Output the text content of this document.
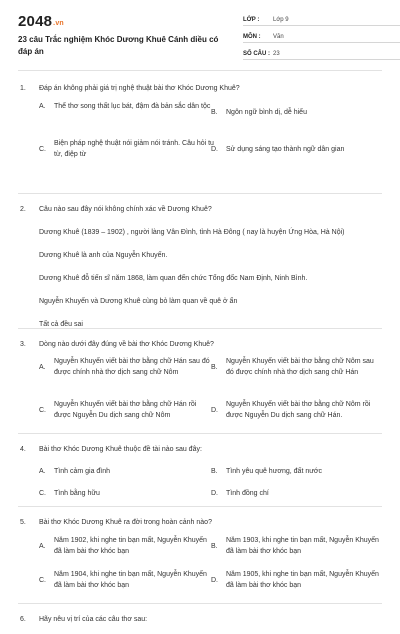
2048.vn
23 câu Trắc nghiệm Khóc Dương Khuê Cánh diều có đáp án
LỚP :	Lớp 9
MÔN :	Văn
SỐ CÂU : 23
1. Đáp án không phải giá trị nghệ thuật bài thơ Khóc Dương Khuê?
A.	Thể thơ song thất lục bát, đậm đà bản sắc dân tộc
B.	Ngôn ngữ bình dị, dễ hiểu
C.
Biện pháp nghệ thuật nói giảm nói tránh. Câu hỏi tu từ, điệp từ
D.	Sử dụng sáng tạo thành ngữ dân gian
2. Câu nào sau đây nói không chính xác về Dương Khuê?
Dương Khuê (1839 – 1902) , người làng Vân Đình, tỉnh Hà Đông ( nay là huyện Ứng Hòa, Hà Nội)
Dương Khuê là anh của Nguyễn Khuyến.
Dương Khuê đỗ tiến sĩ năm 1868, làm quan đến chức Tổng đốc Nam Định, Ninh Bình.
Nguyễn Khuyến và Dương Khuê cùng bỏ làm quan về quê ở ẩn
Tất cả đều sai
3. Dòng nào dưới đây đúng về bài thơ Khóc Dương Khuê?
A.
Nguyễn Khuyến viết bài thơ bằng chữ Hán sau đó được chính nhà thơ dịch sang chữ Nôm
B.
Nguyễn Khuyến viết bài thơ bằng chữ Nôm sau đó được chính nhà thơ dịch sang chữ Hán
C.
Nguyễn Khuyến viết bài thơ bằng chữ Hán rồi được Nguyễn Du dịch sang chữ Nôm
D.
Nguyễn Khuyến viết bài thơ bằng chữ Nôm rồi được Nguyễn Du dịch sang chữ Hán.
4. Bài thơ Khóc Dương Khuê thuộc đề tài nào sau đây:
A.	Tình cảm gia đình	B.	Tình yêu quê hương, đất nước
C.	Tình bằng hữu	D.	Tình đồng chí
5. Bài thơ Khóc Dương Khuê ra đời trong hoàn cảnh nào?
A.
Năm 1902, khi nghe tin bạn mất, Nguyễn Khuyến đã làm bài thơ khóc bạn
B.
Năm 1903, khi nghe tin bạn mất, Nguyễn Khuyến đã làm bài thơ khóc bạn
C.
Năm 1904, khi nghe tin bạn mất, Nguyễn Khuyến đã làm bài thơ khóc bạn
D.
Năm 1905, khi nghe tin bạn mất, Nguyễn Khuyến đã làm bài thơ khóc bạn
6. Hãy nêu vị trí của các câu thơ sau:
